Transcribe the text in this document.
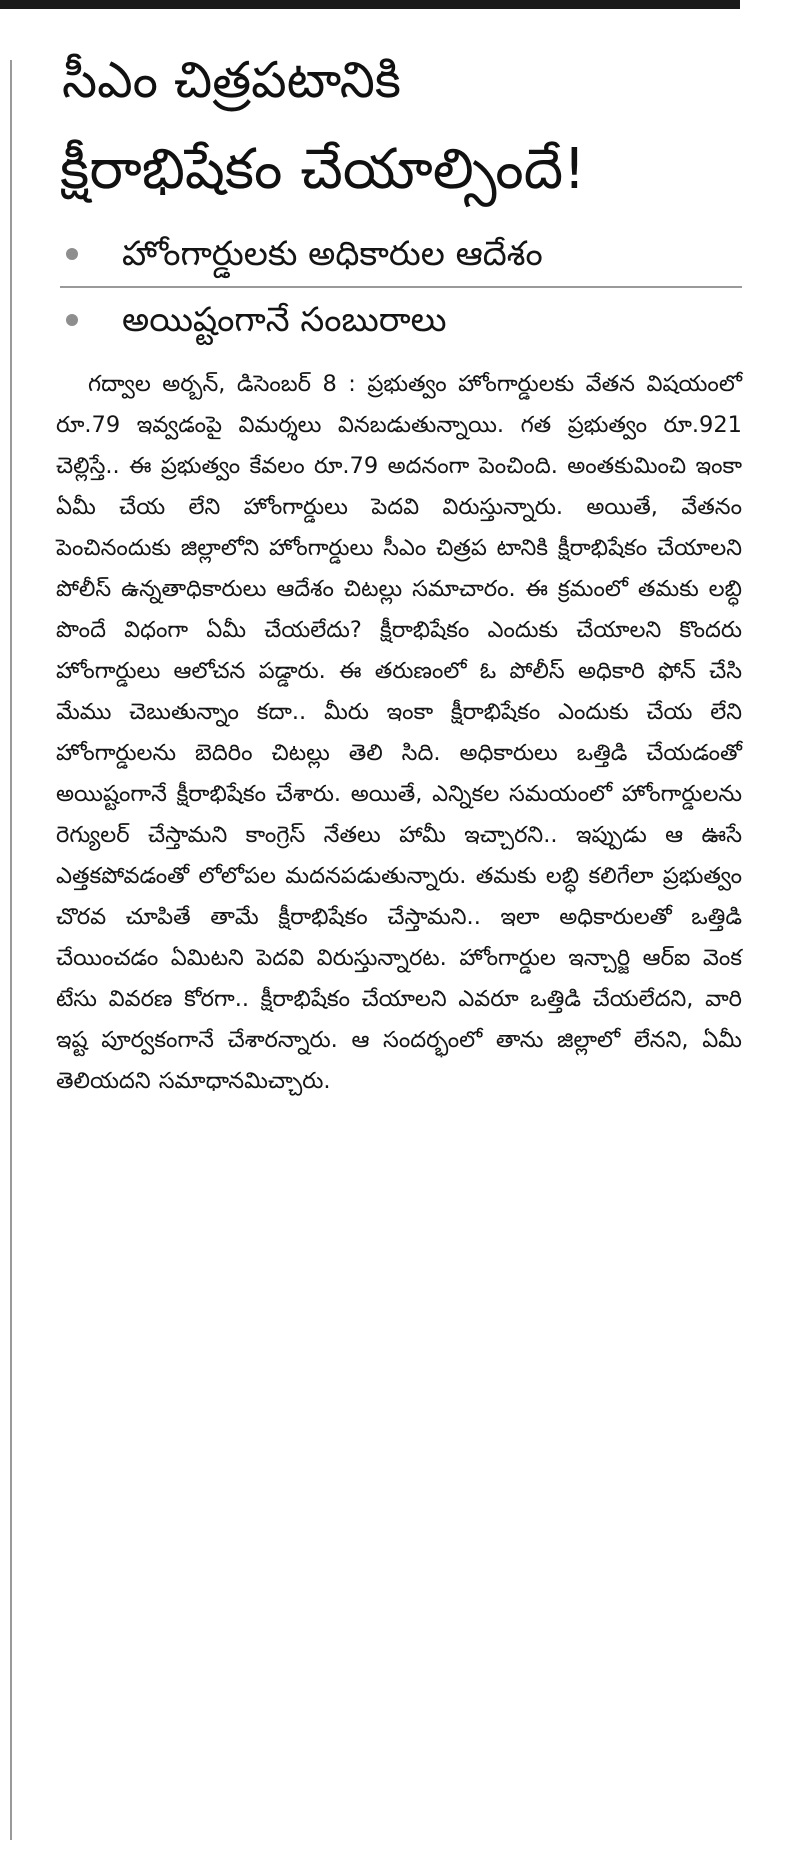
సీఎం చిత్రపటానికి
క్షీరాభిషేకం చేయాల్సిందే!
హోంగార్డులకు అధికారుల ఆదేశం
అయిష్టంగానే సంబురాలు

గద్వాల అర్బన్, డిసెంబర్ 8 : ప్రభుత్వం హోంగార్డులకు వేతన విషయంలో రూ.79 ఇవ్వడంపై విమర్శలు వినబడుతున్నాయి. గత ప్రభుత్వం రూ.921 చెల్లిస్తే.. ఈ ప్రభుత్వం కేవలం రూ.79 అదనంగా పెంచింది. అంతకుమించి ఇంకా ఏమీ చేయ లేని హోంగార్డులు పెదవి విరుస్తున్నారు. అయితే, వేతనం పెంచినందుకు జిల్లాలోని హోంగార్డులు సీఎం చిత్రప టానికి క్షీరాభిషేకం చేయాలని పోలీస్ ఉన్నతాధికారులు ఆదేశం చిటల్లు సమాచారం. ఈ క్రమంలో తమకు లబ్ధి పొందే విధంగా ఏమీ చేయలేదు? క్షీరాభిషేకం ఎందుకు చేయాలని కొందరు హోంగార్డులు ఆలోచన పడ్డారు. ఈ తరుణంలో ఓ పోలీస్ అధికారి ఫోన్ చేసి మేము చెబుతున్నాం కదా.. మీరు ఇంకా క్షీరాభిషేకం ఎందుకు చేయ లేని హోంగార్డులను బెదిరిం చిటల్లు తెలి సిది. అధికారులు ఒత్తిడి చేయడంతో అయిష్టంగానే క్షీరాభిషేకం చేశారు. అయితే, ఎన్నికల సమయంలో హోంగార్డులను రెగ్యులర్ చేస్తామని కాంగ్రెస్ నేతలు హామీ ఇచ్చారని.. ఇప్పుడు ఆ ఊసే ఎత్తకపోవడంతో లోలోపల మదనపడుతున్నారు. తమకు లబ్ధి కలిగేలా ప్రభుత్వం చొరవ చూపితే తామే క్షీరాభిషేకం చేస్తామని.. ఇలా అధికారులతో ఒత్తిడి చేయించడం ఏమిటని పెదవి విరుస్తున్నారట. హోంగార్డుల ఇన్చార్జి ఆర్ఐ వెంక టేసు వివరణ కోరగా.. క్షీరాభిషేకం చేయాలని ఎవరూ ఒత్తిడి చేయలేదని, వారి ఇష్ట పూర్వకంగానే చేశారన్నారు. ఆ సందర్భంలో తాను జిల్లాలో లేనని, ఏమీ తెలియదని సమాధానమిచ్చారు.
